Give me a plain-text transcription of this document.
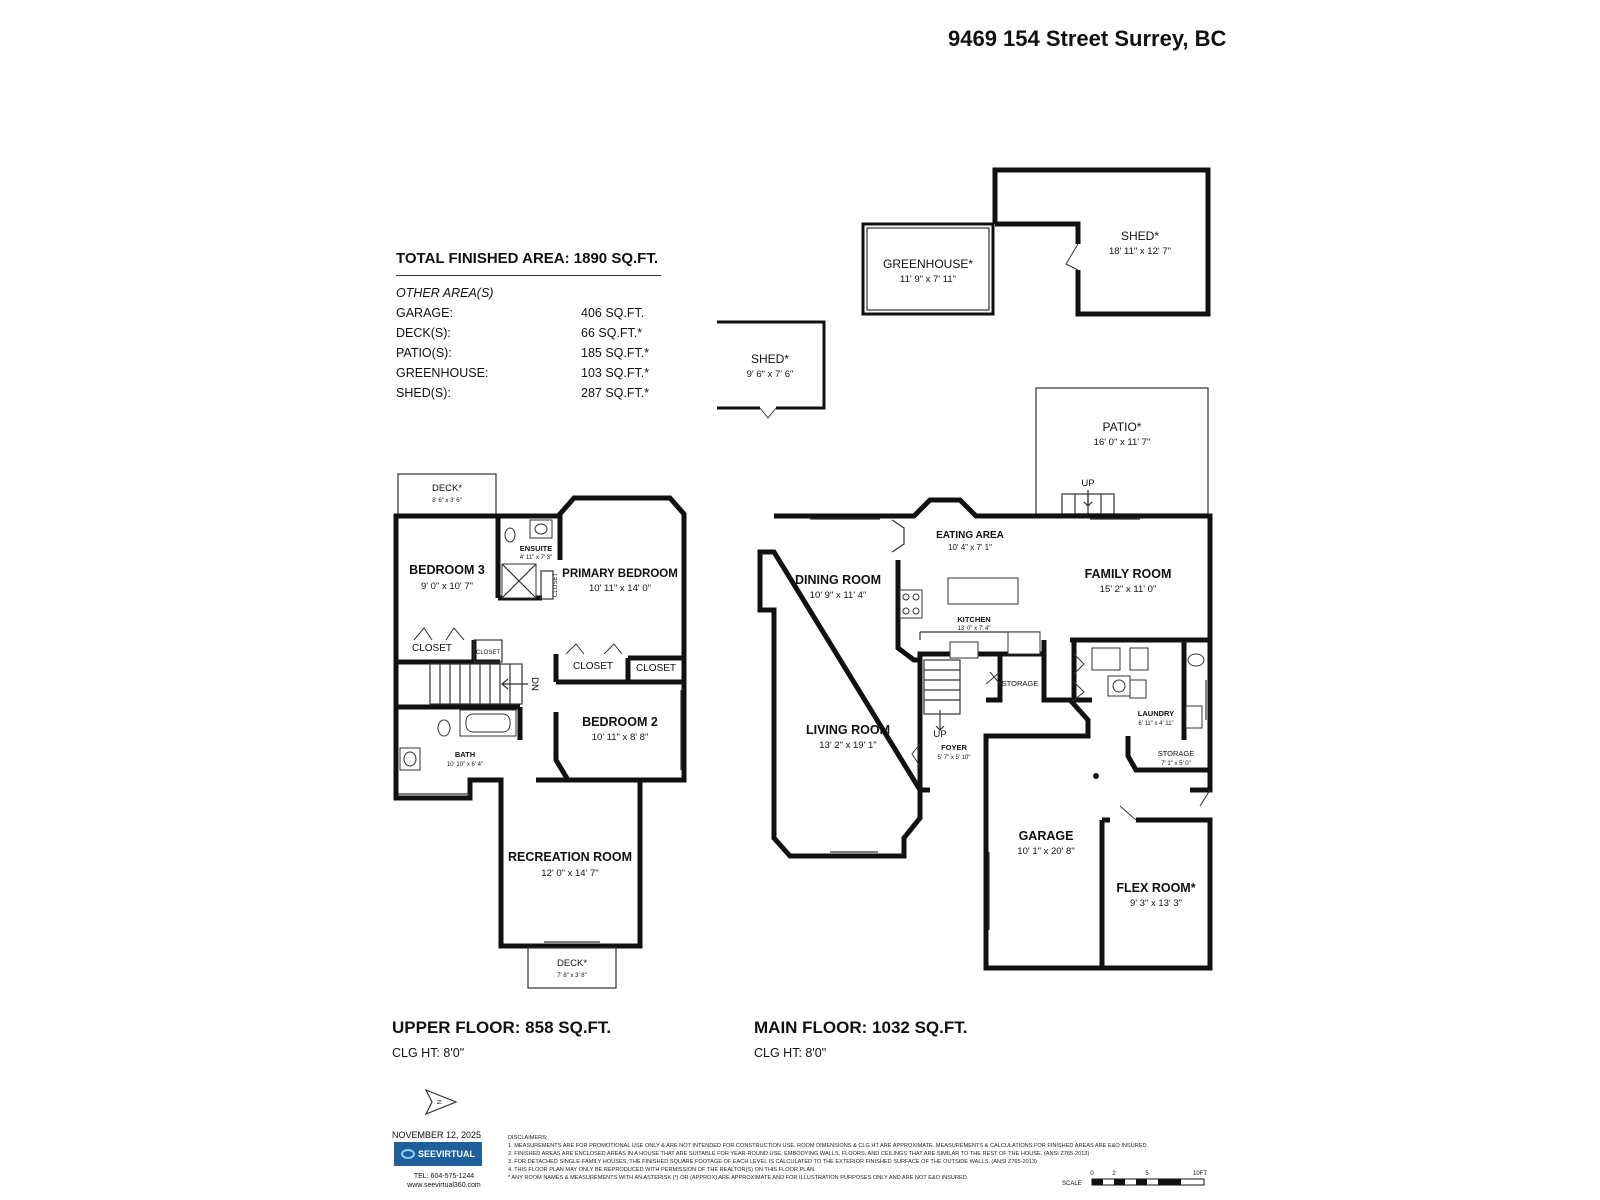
9469 154 Street Surrey, BC
TOTAL FINISHED AREA: 1890 SQ.FT.
OTHER AREA(S)
GARAGE:	406 SQ.FT.
DECK(S):	66 SQ.FT.*
PATIO(S):	185 SQ.FT.*
GREENHOUSE:	103 SQ.FT.*
SHED(S):	287 SQ.FT.*
DECK*
8' 6" x 3' 6"
BEDROOM 3
9' 0" x 10' 7"
ENSUITE
4' 11" x 7' 3"
CLOSET PRIMARY BEDROOM
10' 11" x 14' 0"
CLOSET	CLOSET
CLOSET CLOSET
DN
BEDROOM 2
10' 11" x 8' 8"
BATH
10' 10" x 6' 4"
RECREATION ROOM
12' 0" x 14' 7"
DECK*
7' 8" x 3' 8"
GREENHOUSE*
11' 9" x 7' 11"
SHED*
18' 11" x 12' 7"
SHED*
9' 6" x 7' 6"
PATIO*
16' 0" x 11' 7"
UP
EATING AREA
10' 4" x 7' 1"
DINING ROOM
10' 9" x 11' 4"
FAMILY ROOM
15' 2" x 11' 0"
KITCHEN
13' 0" x 7' 4"
STORAGE
LAUNDRY
6' 11" x 4' 11"
LIVING ROOM
13' 2" x 19' 1"
UP
FOYER
5' 7" x 5' 10"	STORAGE
7' 1" x 5' 0"
GARAGE
10' 1" x 20' 8"
FLEX ROOM*
9' 3" x 13' 3"
N
SCALE
0	2	5	10FT
UPPER FLOOR: 858 SQ.FT.
CLG HT: 8'0"
MAIN FLOOR: 1032 SQ.FT.
CLG HT: 8'0"
NOVEMBER 12, 2025
SEEVIRTUAL
TEL: 604-575-1244
www.seevirtual360.com
DISCLAIMERS:
1. MEASUREMENTS ARE FOR PROMOTIONAL USE ONLY & ARE NOT INTENDED FOR CONSTRUCTION USE. ROOM DIMENSIONS & CLG HT ARE APPROXIMATE. MEASUREMENTS & CALCULATIONS FOR FINISHED AREAS ARE E&O INSURED.
2. FINISHED AREAS ARE ENCLOSED AREAS IN A HOUSE THAT ARE SUITABLE FOR YEAR-ROUND USE, EMBODYING WALLS, FLOORS, AND CEILINGS THAT ARE SIMILAR TO THE REST OF THE HOUSE. (ANSI Z765-2013)
3. FOR DETACHED SINGLE-FAMILY HOUSES, THE FINISHED SQUARE FOOTAGE OF EACH LEVEL IS CALCULATED TO THE EXTERIOR FINISHED SURFACE OF THE OUTSIDE WALLS. (ANSI Z765-2013)
4. THIS FLOOR PLAN MAY ONLY BE REPRODUCED WITH PERMISSION OF THE REALTOR(S) ON THIS FLOOR PLAN.
* ANY ROOM NAMES & MEASUREMENTS WITH AN ASTERISK (*) OR (APPROX) ARE APPROXIMATE AND FOR ILLUSTRATION PURPOSES ONLY AND ARE NOT E&O INSURED.
